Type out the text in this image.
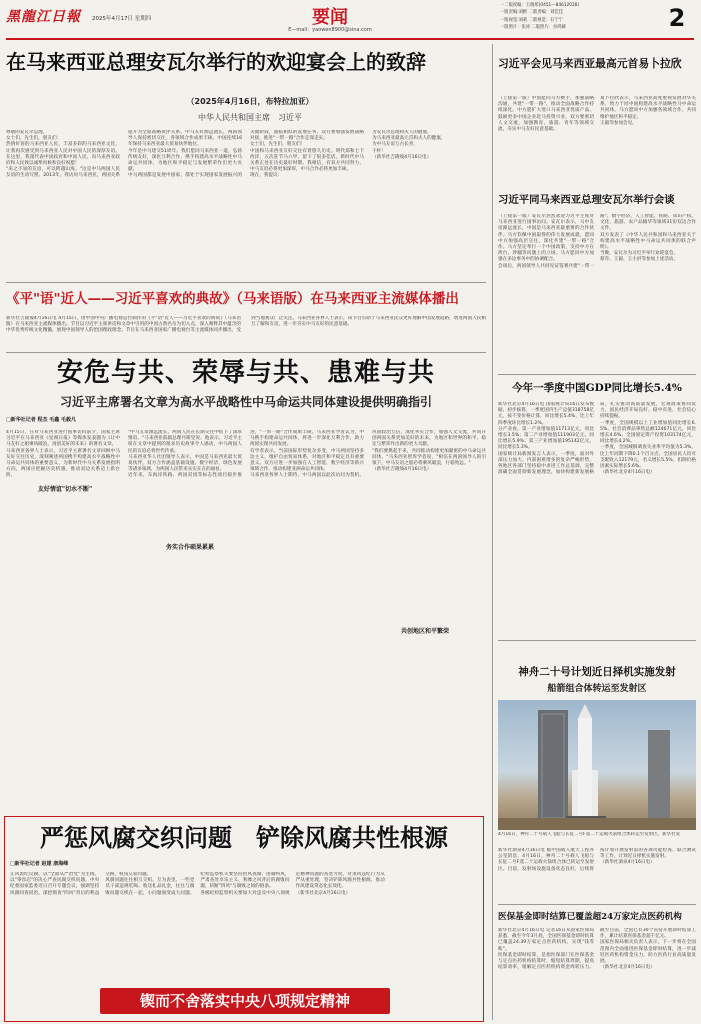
黑龍江日報	2025年4月17日 星期四	要闻
E—mail：yaowen8900@sina.com
一二版夜编：王晓彤(0451—84612028)
一版责编:刘彬 二版责编：刘佳佳
一版视觉:刘莉 二版视觉：石宁宁
一版照片：张涛 二版照片：谷鸿赫	2
在马来西亚总理安瓦尔举行的欢迎宴会上的致辞
（2025年4月16日，布特拉加亚）
中华人民共和国主席　习近平
尊敬的安瓦尔总理，
女士们，先生们，朋友们：
热情好客的马来西亚人民，丰富多彩的马来西亚文化，让我再次感受到马来西亚人民对中国人民的深厚友谊。在这里，我谨代表中国政府和中国人民，向马来西亚政府和人民致以诚挚问候和良好祝愿！
"来之不易的友谊，可以跨越山海。"这是中马两国人民友谊的生动写照。2013年，我访问马来西亚，两国关系提升为全面战略伙伴关系。中马友好源远流长，两国领导人保持密切交往，各领域合作成果丰硕。中国连续16年保持马来西亚最大贸易伙伴地位。
今年是中马建交51周年。我们愿同马来西亚一道，弘扬传统友好，深化互利合作，携手构建高水平战略性中马命运共同体，为地区和平稳定与发展繁荣作出更大贡献。
中马两国都是发展中国家，都处于实现国家发展振兴的关键阶段，面临相似的发展任务。双方要加强发展战略对接，推进"一带一路"合作走深走实。
女士们，先生们，朋友们！
中国和马来西亚友好交往有着悠久历史。明代郑和七下西洋，五次驻节马六甲，留下了很多佳话。新时代中马关系正处在历史最好时期。我相信，有双方共同努力，中马友谊必将更加深厚，中马合作必将更加丰硕。
现在，我提议：
为安瓦尔总理和夫人的健康，
为马来西亚最高元首和夫人的健康，
为中马友谊万古长青，
干杯！
（新华社吉隆坡4月16日电）
《平"语"近人——习近平喜欢的典故》（马来语版）在马来西亚主流媒体播出
新华社吉隆坡4月16日电 4月15日，由中国中央广播电视总台制作的《平"语"近人——习近平喜欢的典故》（马来语版）在马来西亚主流媒体播出。节目以习近平主席讲话和文章中引用的中国古典名句为切入点，深入阐释其中蕴含的中华优秀传统文化精髓，展现中国领导人的治国理政理念。节目在马来西亚国家广播电视台等主流媒体同步播出，受到当地观众广泛关注。马来西亚各界人士表示，该节目有助于马来西亚民众更好理解中国发展道路，增进两国人民相互了解和友谊，进一步夯实中马友好的民意基础。
安危与共、荣辱与共、患难与共
习近平主席署名文章为高水平战略性中马命运共同体建设提供明确指引
□新华社记者 程杰 毛鑫 毛毅凡
友好情谊"切水不断"
务实合作硕果累累
共创地区和平繁荣
4月15日，在对马来西亚进行国事访问前夕，国家主席习近平在马来西亚《星洲日报》等媒体发表题为《让中马友好之船乘风破浪，再创美好的未来》的署名文章。
马来西亚各界人士表示，习近平主席署名文章回顾中马友好交往历史，深刻阐述两国携手构建高水平战略性中马命运共同体的重要意义，为新时代中马关系发展指明方向，两国应把握历史机遇，推动双边关系迈上新台阶。
"中马友谊源远流长，两国人民在长期交往中结下了深厚情谊。"马来西亚前副总理丹斯里说。他表示，习近平主席在文章中提到的很多历史故事令人感动，中马两国人民的友谊必将世代传承。
马来西亚华人社团领导人表示，中国是马来西亚最大贸易伙伴，双方合作涵盖基础设施、数字经济、绿色发展等诸多领域，为两国人民带来实实在在的福祉。
近年来，东海岸铁路、两国双园等标志性项目稳步推进，"一带一路"合作成果丰硕。马来西亚学者认为，中马携手构建命运共同体，将进一步深化互利合作，助力两国实现共同发展。
有学者表示，当前国际形势复杂多变，中马两国坚持多边主义，维护自由贸易体系，对地区和平稳定具有重要意义。双方应进一步加强在人工智能、数字经济等新兴领域合作，推动构建亚洲命运共同体。
马来西亚各界人士期待，中马两国以此次访问为契机，巩固政治互信，深化务实合作，加强人文交流，共同开创两国关系更加美好的未来，为地区和世界的和平、稳定与繁荣作出新的更大贡献。
"我们要携起手来，共同推动构建更加紧密的中马命运共同体，"马来西亚智库学者说，"相信在两国领导人的引领下，中马友谊之船必将乘风破浪，行稳致远。"
（新华社吉隆坡4月16日电）
严惩风腐交织问题　铲除风腐共性根源
□新华社记者 赵建 康海峰
正风肃纪反腐，以"全面从严治党"为主线，以"零容忍"的决心严查风腐交织问题。中央纪委国家监委近日召开专题会议，强调坚持风腐同查同治，深挖彻查"四风"背后的利益交换、权钱交易问题。
风腐问题往往相互交织、互为表里。一些党员干部违规吃喝、收送礼品礼金，往往与腐败问题交织在一起，小问题演变成大问题。纪检监察机关要坚持由风查腐、由腐纠风，严肃查处享乐主义、奢靡之风背后的腐败问题，斩断"四风"与腐败之间的链条。
各级纪检监察机关要加大对违反中央八项规定精神问题的查处力度，对顶风违纪行为从严从重处理，坚决铲除风腐共性根源，推动作风建设常态化长效化。
（新华社北京4月16日电）
锲而不舍落实中央八项规定精神
习近平会见马来西亚最高元首易卜拉欣
（上接第一版）中国愿同马方携手，加强战略沟通，共建"一带一路"，推动全面战略合作持续深化。中方愿扩大进口马来西亚优质产品，鼓励更多中国企业赴马投资兴业。双方要密切人文交流，加强教育、旅游、青年等领域交流，夯实中马友好民意基础。
易卜拉欣表示，马来西亚高度重视发展对华关系，致力于同中国构建高水平战略性马中命运共同体。马方愿同中方加强各领域合作，共同维护地区和平稳定。
王毅等参加会见。
习近平同马来西亚总理安瓦尔举行会谈
（上接第一版）安瓦尔热烈欢迎习近平主席对马来西亚进行国事访问。安瓦尔表示，马中友谊源远流长，中国是马来西亚最重要的合作伙伴。马方钦佩中国取得的伟大发展成就，愿同中方加强高层交往，深化共建"一带一路"合作。马方坚定奉行一个中国政策，支持中方在涉台、涉疆等问题上的立场。马方愿同中方加强在多边事务中的协调配合。
会谈后，两国领导人共同见证签署共建"一带一路"、数字经济、人工智能、铁路、知识产权、文化、旅游、农产品输华等领域31份双边合作文件。
双方发表了《中华人民共和国和马来西亚关于构建高水平战略性中马命运共同体的联合声明》。
当晚，安瓦尔为习近平举行欢迎宴会。
蔡奇、王毅、王小洪等参加上述活动。
今年一季度中国GDP同比增长5.4%
新华社北京4月16日电 国家统计局16日发布数据，初步核算，一季度国内生产总值318758亿元，按不变价格计算，同比增长5.4%，比上年四季度环比增长1.2%。
分产业看，第一产业增加值11713亿元，同比增长3.5%；第二产业增加值111903亿元，同比增长5.9%；第三产业增加值195142亿元，同比增长5.3%。
国家统计局新闻发言人表示，一季度，面对外部压力加大、内部困难增多的复杂严峻形势，各地区各部门坚持稳中求进工作总基调，完整准确全面贯彻新发展理念，加快构建新发展格局，扎实推动高质量发展，宏观政策协同发力，国民经济开局良好、稳中有进，社会信心持续提振。
一季度，全国规模以上工业增加值同比增长6.5%。社会消费品零售总额124671亿元，同比增长4.6%。全国固定资产投资103174亿元，同比增长4.2%。
一季度，全国城镇调查失业率平均值为5.3%，比上年同期下降0.1个百分点。全国居民人均可支配收入12179元，名义增长5.5%，扣除价格因素实际增长5.6%。
（新华社北京4月16日电）
神舟二十号计划近日择机实施发射
船箭组合体转运至发射区
4月16日，神舟二十号载人飞船与长征二号F遥二十运载火箭组合体转运至发射区。新华社发
新华社酒泉4月16日电 据中国载人航天工程办公室消息，4月16日，神舟二十号载人飞船与长征二号F遥二十运载火箭组合体已转运至发射区。目前，发射场设施设备状态良好，后续将按计划开展发射前的各项功能检查、联合测试等工作，计划近日择机实施发射。
（新华社酒泉4月16日电）
医保基金即时结算已覆盖超24万家定点医药机构
新华社北京4月16日电 记者16日从国家医保局获悉，截至今年3月底，全国医保基金即时结算已覆盖24.39万家定点医药机构，实现"钱等账"。
医保基金即时结算，是指医保部门在医保基金与定点医药机构结算时，缩短结算周期，提高结算效率，缓解定点医药机构资金周转压力。截至目前，全国已有30个省份开展即时结算工作，累计结算医保基金超千亿元。
国家医保局相关负责人表示，下一步将在全国范围内全面推进医保基金即时结算，进一步减轻医药机构资金压力，助力医药行业高质量发展。
（新华社北京4月16日电）
